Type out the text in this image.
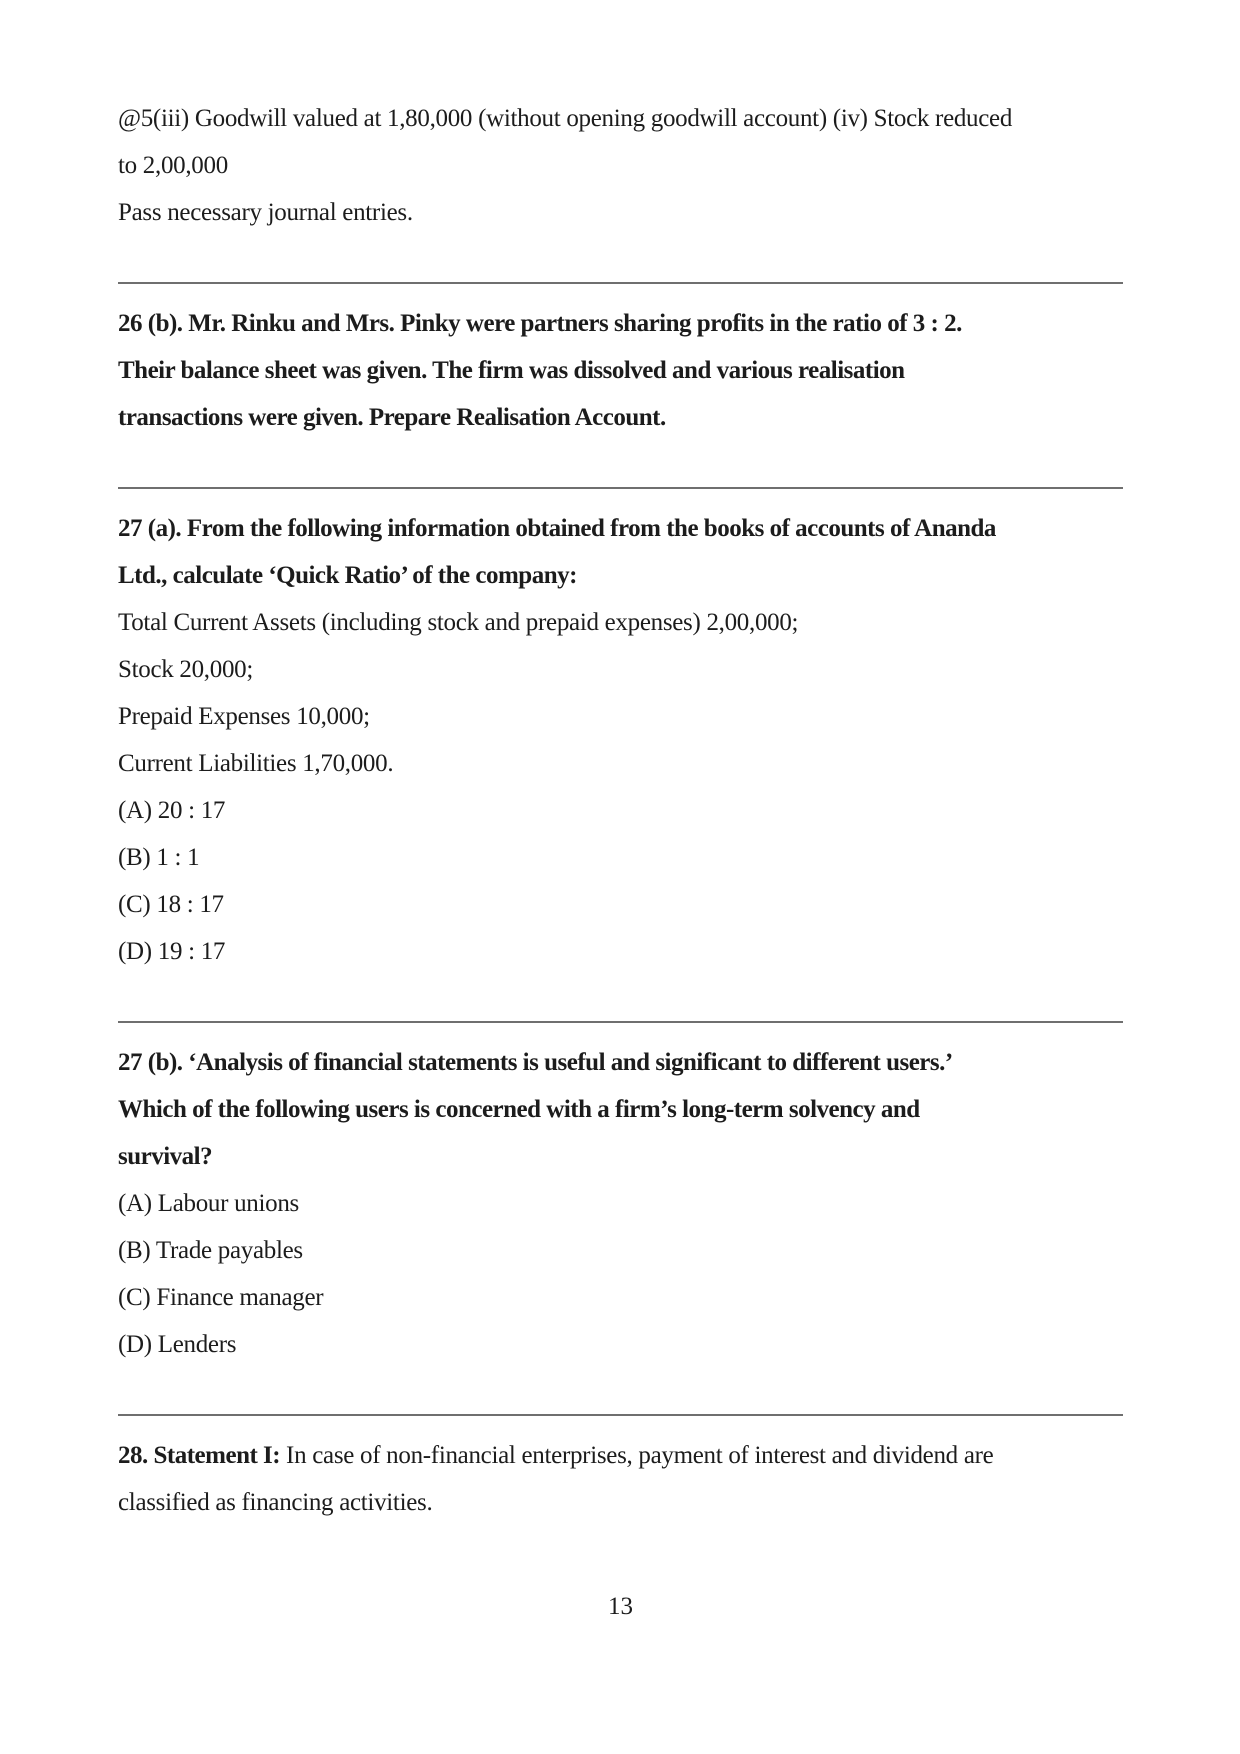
@5(iii) Goodwill valued at 1,80,000 (without opening goodwill account) (iv) Stock reduced
to 2,00,000
Pass necessary journal entries.
26 (b). Mr. Rinku and Mrs. Pinky were partners sharing profits in the ratio of 3 : 2.
Their balance sheet was given. The firm was dissolved and various realisation
transactions were given. Prepare Realisation Account.
27 (a). From the following information obtained from the books of accounts of Ananda
Ltd., calculate ‘Quick Ratio’ of the company:
Total Current Assets (including stock and prepaid expenses) 2,00,000;
Stock 20,000;
Prepaid Expenses 10,000;
Current Liabilities 1,70,000.
(A) 20 : 17
(B) 1 : 1
(C) 18 : 17
(D) 19 : 17
27 (b). ‘Analysis of financial statements is useful and significant to different users.’
Which of the following users is concerned with a firm’s long-term solvency and
survival?
(A) Labour unions
(B) Trade payables
(C) Finance manager
(D) Lenders
28. Statement I: In case of non-financial enterprises, payment of interest and dividend are
classified as financing activities.
13
